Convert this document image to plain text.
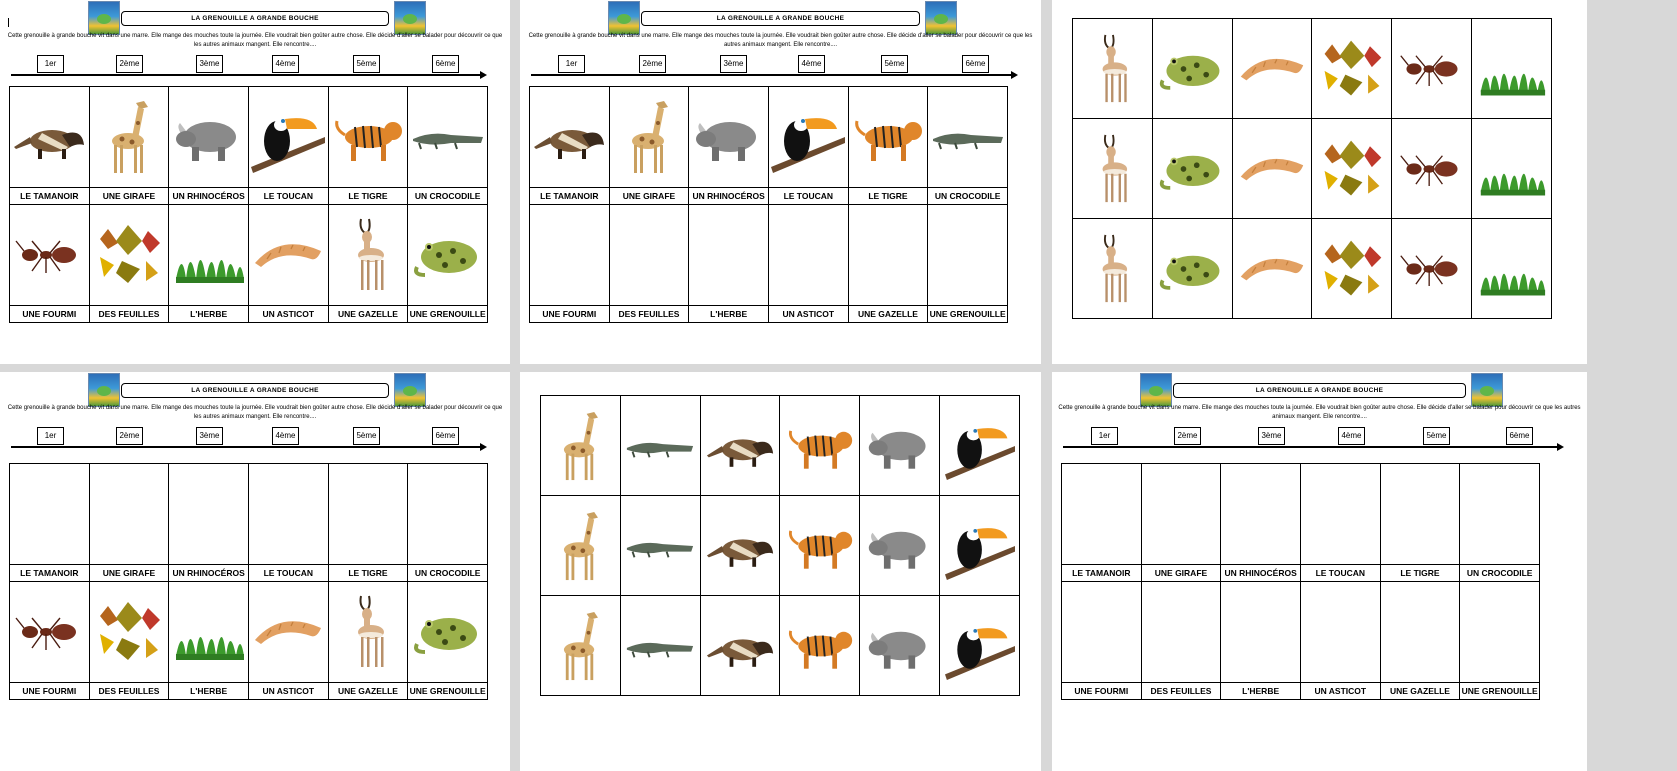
LA GRENOUILLE A GRANDE BOUCHE
Cette grenouille à grande bouche vit dans une marre. Elle mange des mouches toute la journée. Elle voudrait bien goûter autre chose. Elle décide d'aller se balader pour découvrir ce que les autres animaux mangent. Elle rencontre....
1er	2ème	3ème	4ème	5ème	6ème

LE TAMANOIR	UNE GIRAFE	UN RHINOCÉROS	LE TOUCAN	LE TIGRE	UN CROCODILE

UNE FOURMI	DES FEUILLES	L'HERBE	UN ASTICOT	UNE GAZELLE	UNE GRENOUILLE
LA GRENOUILLE A GRANDE BOUCHE
Cette grenouille à grande bouche vit dans une marre. Elle mange des mouches toute la journée. Elle voudrait bien goûter autre chose. Elle décide d'aller se balader pour découvrir ce que les autres animaux mangent. Elle rencontre....
1er	2ème	3ème	4ème	5ème	6ème

LE TAMANOIR	UNE GIRAFE	UN RHINOCÉROS	LE TOUCAN	LE TIGRE	UN CROCODILE

UNE FOURMI	DES FEUILLES	L'HERBE	UN ASTICOT	UNE GAZELLE	UNE GRENOUILLE

LA GRENOUILLE A GRANDE BOUCHE
Cette grenouille à grande bouche vit dans une marre. Elle mange des mouches toute la journée. Elle voudrait bien goûter autre chose. Elle décide d'aller se balader pour découvrir ce que les autres animaux mangent. Elle rencontre....
1er	2ème	3ème	4ème	5ème	6ème

LE TAMANOIR	UNE GIRAFE	UN RHINOCÉROS	LE TOUCAN	LE TIGRE	UN CROCODILE

UNE FOURMI	DES FEUILLES	L'HERBE	UN ASTICOT	UNE GAZELLE	UNE GRENOUILLE

LA GRENOUILLE A GRANDE BOUCHE
Cette grenouille à grande bouche vit dans une marre. Elle mange des mouches toute la journée. Elle voudrait bien goûter autre chose. Elle décide d'aller se balader pour découvrir ce que les autres animaux mangent. Elle rencontre....
1er	2ème	3ème	4ème	5ème	6ème

LE TAMANOIR	UNE GIRAFE	UN RHINOCÉROS	LE TOUCAN	LE TIGRE	UN CROCODILE

UNE FOURMI	DES FEUILLES	L'HERBE	UN ASTICOT	UNE GAZELLE	UNE GRENOUILLE
